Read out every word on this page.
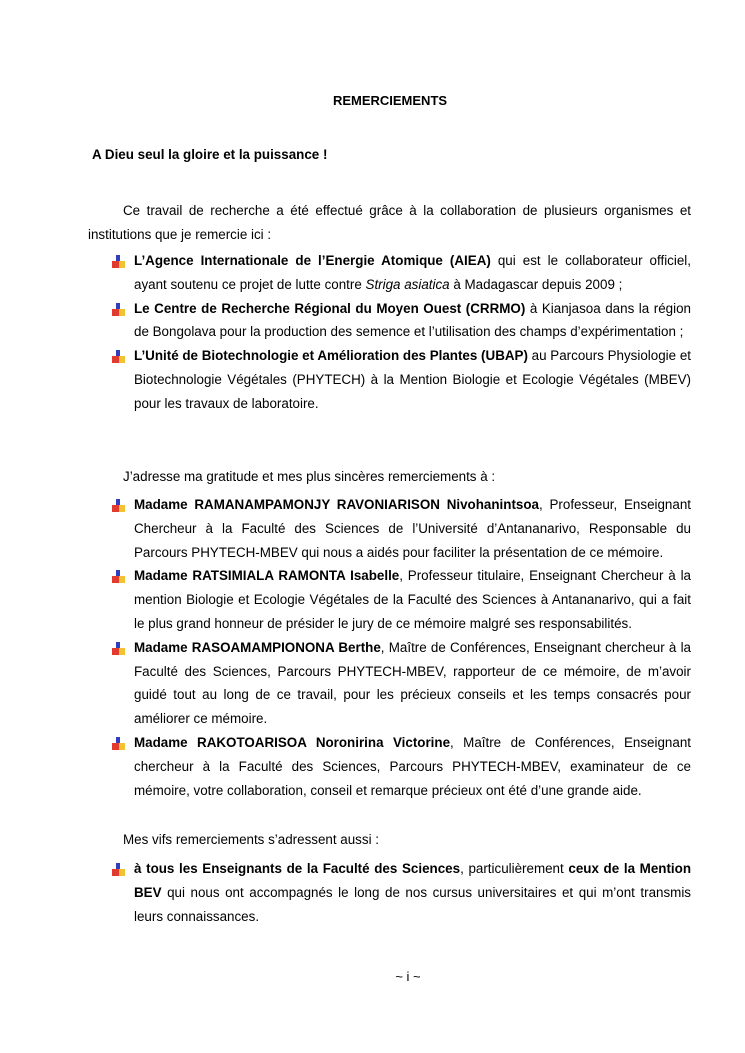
REMERCIEMENTS
A Dieu seul la gloire et la puissance !
Ce travail de recherche a été effectué grâce à la collaboration de plusieurs organismes et institutions que je remercie ici :
L’Agence Internationale de l’Energie Atomique (AIEA) qui est le collaborateur officiel, ayant soutenu ce projet de lutte contre Striga asiatica à Madagascar depuis 2009 ;
Le Centre de Recherche Régional du Moyen Ouest (CRRMO) à Kianjasoa dans la région de Bongolava pour la production des semence et l’utilisation des champs d’expérimentation ;
L’Unité de Biotechnologie et Amélioration des Plantes (UBAP) au Parcours Physiologie et Biotechnologie Végétales (PHYTECH) à la Mention Biologie et Ecologie Végétales (MBEV) pour les travaux de laboratoire.
J’adresse ma gratitude et mes plus sincères remerciements à :
Madame RAMANAMPAMONJY RAVONIARISON Nivohanintsoa, Professeur, Enseignant Chercheur à la Faculté des Sciences de l’Université d’Antananarivo, Responsable du Parcours PHYTECH-MBEV qui nous a aidés pour faciliter la présentation de ce mémoire.
Madame RATSIMIALA RAMONTA Isabelle, Professeur titulaire, Enseignant Chercheur à la mention Biologie et Ecologie Végétales de la Faculté des Sciences à Antananarivo, qui a fait le plus grand honneur de présider le jury de ce mémoire malgré ses responsabilités.
Madame RASOAMAMPIONONA Berthe, Maître de Conférences, Enseignant chercheur à la Faculté des Sciences, Parcours PHYTECH-MBEV, rapporteur de ce mémoire, de m’avoir guidé tout au long de ce travail, pour les précieux conseils et les temps consacrés pour améliorer ce mémoire.
Madame RAKOTOARISOA Noronirina Victorine, Maître de Conférences, Enseignant chercheur à la Faculté des Sciences, Parcours PHYTECH-MBEV, examinateur de ce mémoire, votre collaboration, conseil et remarque précieux ont été d’une grande aide.
Mes vifs remerciements s’adressent aussi :
à tous les Enseignants de la Faculté des Sciences, particulièrement ceux de la Mention BEV qui nous ont accompagnés le long de nos cursus universitaires et qui m’ont transmis leurs connaissances.
~ i ~
